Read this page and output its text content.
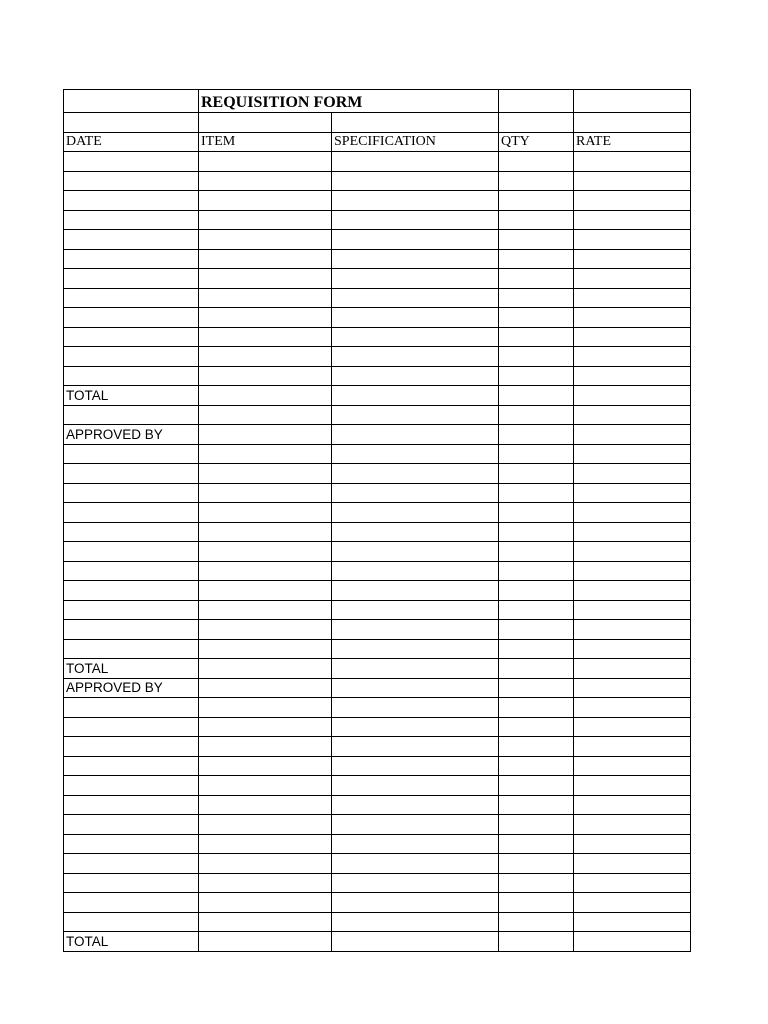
	REQUISITION FORM			

DATE	ITEM	SPECIFICATION	QTY	RATE

TOTAL				

APPROVED BY				

TOTAL				
APPROVED BY				

TOTAL				
